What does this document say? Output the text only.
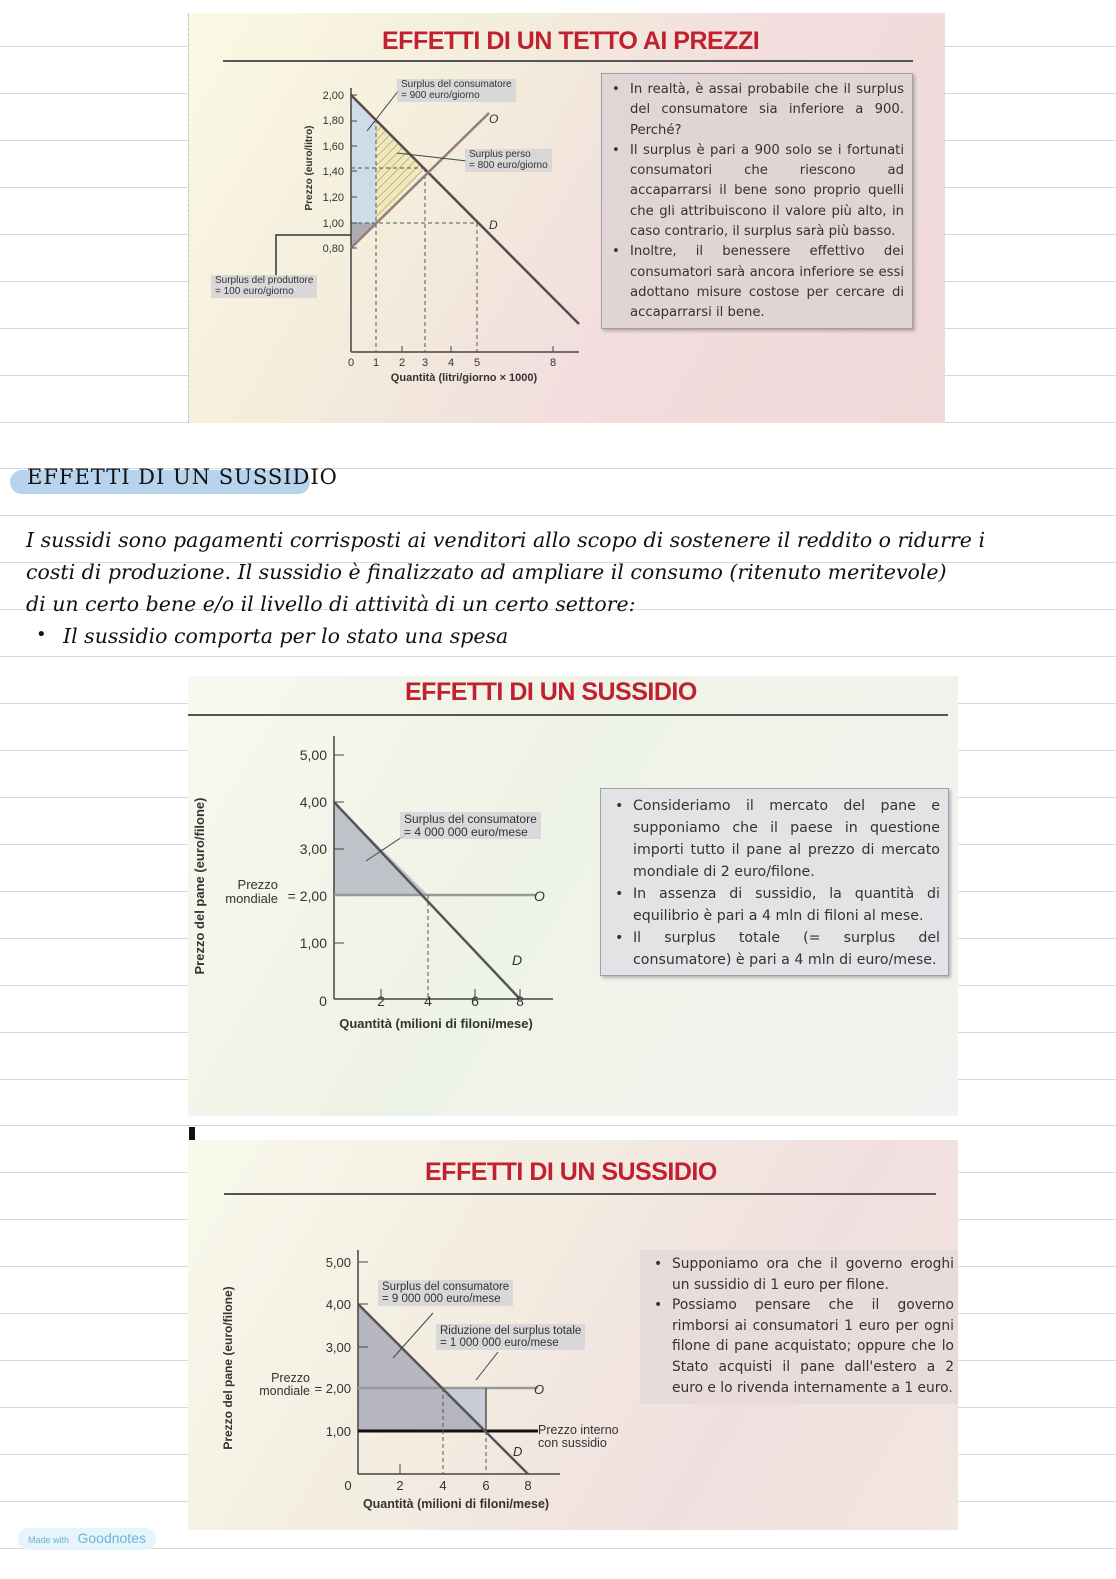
EFFETTI DI UN TETTO AI PREZZI
2,00
1,80
1,60
1,40
1,20
1,00
0,80
0 1 2 3 4 5	8
Quantità (litri/giorno × 1000)
Prezzo (euro/litro)
O
D
Surplus del consumatore
= 900 euro/giorno
Surplus perso
= 800 euro/giorno
Surplus del produttore
= 100 euro/giorno
• In realtà, è assai probabile che il surplus del consumatore sia inferiore a 900. Perché?
• Il surplus è pari a 900 solo se i fortunati consumatori che riescono ad accaparrarsi il bene sono proprio quelli che gli attribuiscono il valore più alto, in caso contrario, il surplus sarà più basso.
• Inoltre, il benessere effettivo dei consumatori sarà ancora inferiore se essi adottano misure costose per cercare di accaparrarsi il bene.
EFFETTI DI UN SUSSIDIO
I sussidi sono pagamenti corrisposti ai venditori allo scopo di sostenere il reddito o ridurre i
costi di produzione. Il sussidio è finalizzato ad ampliare il consumo (ritenuto meritevole)
di un certo bene e/o il livello di attività di un certo settore:
• Il sussidio comporta per lo stato una spesa
EFFETTI DI UN SUSSIDIO
5,00
4,00
3,00
= 2,00
1,00
0	2	4	6	8
Quantità (milioni di filoni/mese)
Prezzo del pane (euro/filone)	O
D
Prezzo
mondiale
Surplus del consumatore
= 4 000 000 euro/mese
• Consideriamo il mercato del pane e supponiamo che il paese in questione importi tutto il pane al prezzo di mercato mondiale di 2 euro/filone.
• In assenza di sussidio, la quantità di equilibrio è pari a 4 mln di filoni al mese.
• Il surplus totale (= surplus del consumatore) è pari a 4 mln di euro/mese.
EFFETTI DI UN SUSSIDIO
5,00
4,00
3,00
= 2,00
1,00
0	2	4	6	8
Quantità (milioni di filoni/mese)
Prezzo del pane (euro/filone)	O
D
Prezzo
mondiale
Surplus del consumatore
= 9 000 000 euro/mese
Riduzione del surplus totale
= 1 000 000 euro/mese
Prezzo interno
con sussidio
• Supponiamo ora che il governo eroghi un sussidio di 1 euro per filone.
• Possiamo pensare che il governo rimborsi ai consumatori 1 euro per ogni filone di pane acquistato; oppure che lo Stato acquisti il pane dall'estero a 2 euro e lo rivenda internamente a 1 euro.
Made with Goodnotes
